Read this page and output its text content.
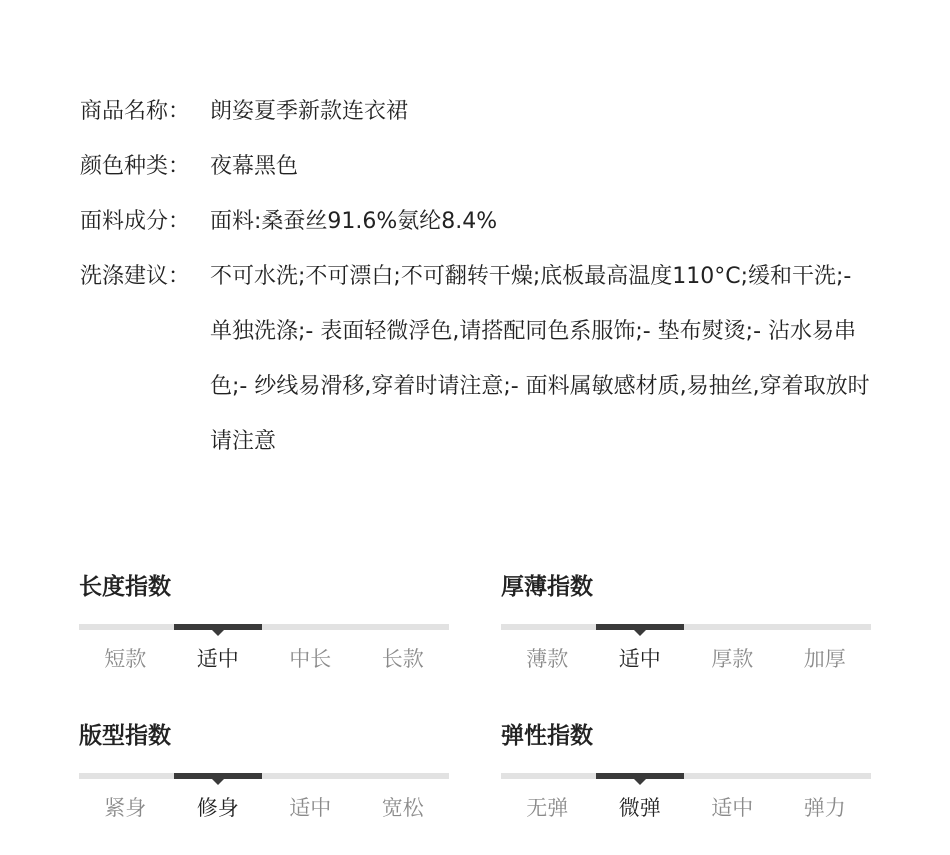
商品名称： 朗姿夏季新款连衣裙
颜色种类： 夜幕黑色
面料成分： 面料:桑蚕丝91.6%氨纶8.4%
洗涤建议： 不可水洗;不可漂白;不可翻转干燥;底板最高温度110°C;缓和干洗;- 单独洗涤;- 表面轻微浮色,请搭配同色系服饰;- 垫布熨烫;- 沾水易串色;- 纱线易滑移,穿着时请注意;- 面料属敏感材质,易抽丝,穿着取放时请注意
长度指数
短款	适中	中长	长款
厚薄指数
薄款	适中	厚款	加厚
版型指数
紧身	修身	适中	宽松
弹性指数
无弹	微弹	适中	弹力
